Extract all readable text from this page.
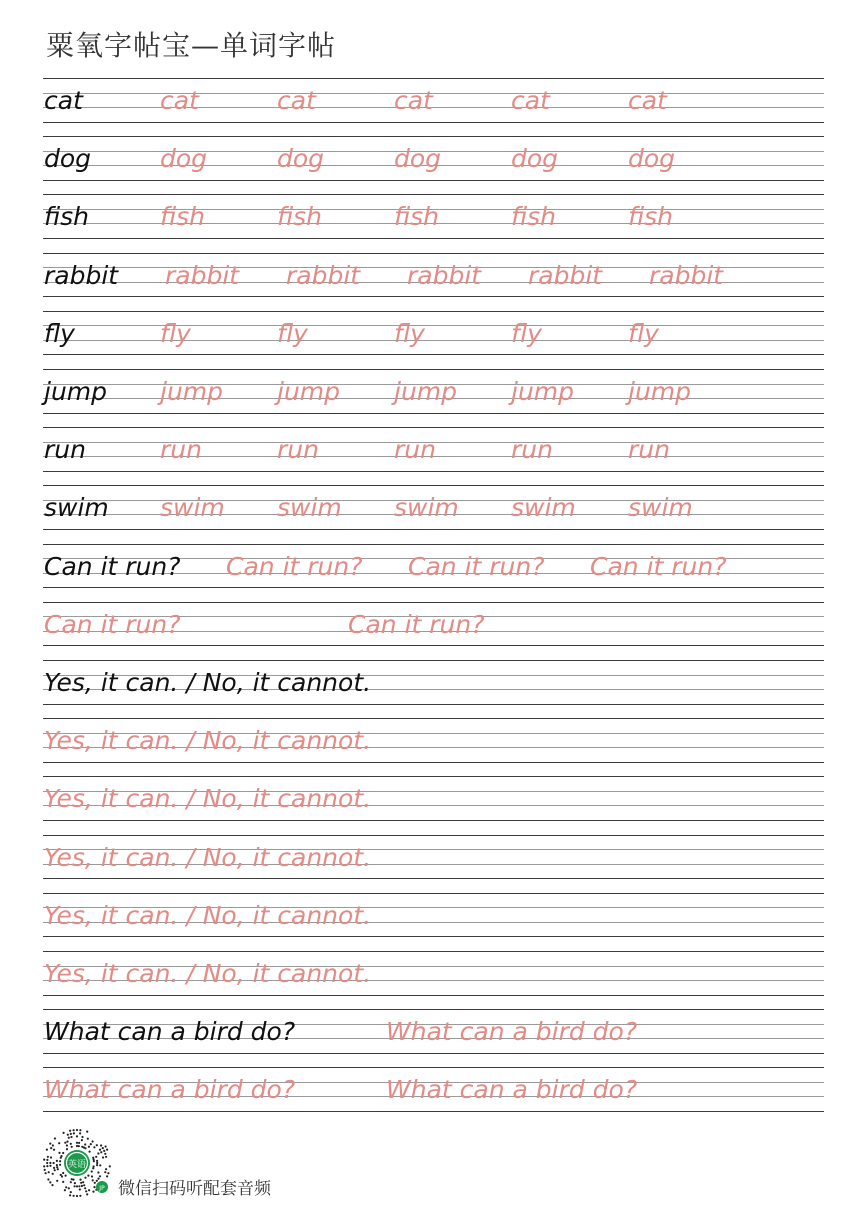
粟氧字帖宝—单词字帖
cat	cat	cat	cat	cat	cat
dog	dog	dog	dog	dog	dog
fish	fish	fish	fish	fish	fish
rabbit rabbit rabbit rabbit rabbit rabbit
fly	fly	fly	fly	fly	fly
jump jump jump jump jump jump
run	run	run	run	run	run
swim swim swim swim swim swim
Can it run? Can it run? Can it run? Can it run?
Can it run?	Can it run?
Yes, it can. / No, it cannot.
Yes, it can. / No, it cannot.
Yes, it can. / No, it cannot.
Yes, it can. / No, it cannot.
Yes, it can. / No, it cannot.
Yes, it can. / No, it cannot.
What can a bird do?	What can a bird do?
What can a bird do?	What can a bird do?
英语
JP 微信扫码听配套音频
